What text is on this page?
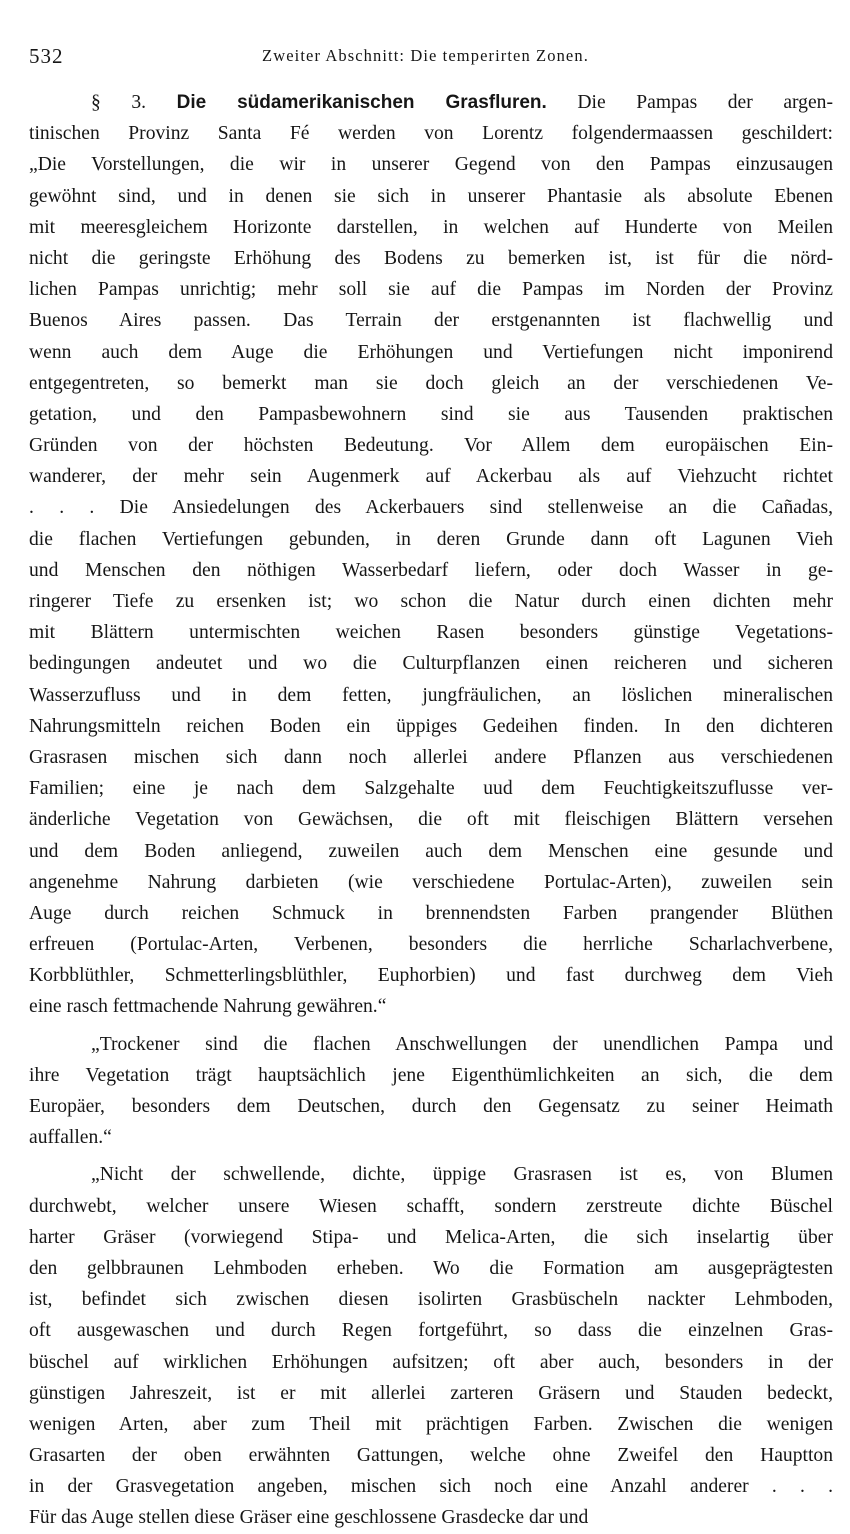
532	Zweiter Abschnitt: Die temperirten Zonen.
§ 3. Die südamerikanischen Grasfluren. Die Pampas der argen-
tinischen Provinz Santa Fé werden von Lorentz folgendermaassen geschildert:
„Die Vorstellungen, die wir in unserer Gegend von den Pampas einzusaugen
gewöhnt sind, und in denen sie sich in unserer Phantasie als absolute Ebenen
mit meeresgleichem Horizonte darstellen, in welchen auf Hunderte von Meilen
nicht die geringste Erhöhung des Bodens zu bemerken ist, ist für die nörd-
lichen Pampas unrichtig; mehr soll sie auf die Pampas im Norden der Provinz
Buenos Aires passen. Das Terrain der erstgenannten ist flachwellig und
wenn auch dem Auge die Erhöhungen und Vertiefungen nicht imponirend
entgegentreten, so bemerkt man sie doch gleich an der verschiedenen Ve-
getation, und den Pampasbewohnern sind sie aus Tausenden praktischen
Gründen von der höchsten Bedeutung. Vor Allem dem europäischen Ein-
wanderer, der mehr sein Augenmerk auf Ackerbau als auf Viehzucht richtet
. . . Die Ansiedelungen des Ackerbauers sind stellenweise an die Cañadas,
die flachen Vertiefungen gebunden, in deren Grunde dann oft Lagunen Vieh
und Menschen den nöthigen Wasserbedarf liefern, oder doch Wasser in ge-
ringerer Tiefe zu ersenken ist; wo schon die Natur durch einen dichten mehr
mit Blättern untermischten weichen Rasen besonders günstige Vegetations-
bedingungen andeutet und wo die Culturpflanzen einen reicheren und sicheren
Wasserzufluss und in dem fetten, jungfräulichen, an löslichen mineralischen
Nahrungsmitteln reichen Boden ein üppiges Gedeihen finden. In den dichteren
Grasrasen mischen sich dann noch allerlei andere Pflanzen aus verschiedenen
Familien; eine je nach dem Salzgehalte uud dem Feuchtigkeitszuflusse ver-
änderliche Vegetation von Gewächsen, die oft mit fleischigen Blättern versehen
und dem Boden anliegend, zuweilen auch dem Menschen eine gesunde und
angenehme Nahrung darbieten (wie verschiedene Portulac-Arten), zuweilen sein
Auge durch reichen Schmuck in brennendsten Farben prangender Blüthen
erfreuen (Portulac-Arten, Verbenen, besonders die herrliche Scharlachverbene,
Korbblüthler, Schmetterlingsblüthler, Euphorbien) und fast durchweg dem Vieh
eine rasch fettmachende Nahrung gewähren.“
„Trockener sind die flachen Anschwellungen der unendlichen Pampa und
ihre Vegetation trägt hauptsächlich jene Eigenthümlichkeiten an sich, die dem
Europäer, besonders dem Deutschen, durch den Gegensatz zu seiner Heimath
auffallen.“
„Nicht der schwellende, dichte, üppige Grasrasen ist es, von Blumen
durchwebt, welcher unsere Wiesen schafft, sondern zerstreute dichte Büschel
harter Gräser (vorwiegend Stipa- und Melica-Arten, die sich inselartig über
den gelbbraunen Lehmboden erheben. Wo die Formation am ausgeprägtesten
ist, befindet sich zwischen diesen isolirten Grasbüscheln nackter Lehmboden,
oft ausgewaschen und durch Regen fortgeführt, so dass die einzelnen Gras-
büschel auf wirklichen Erhöhungen aufsitzen; oft aber auch, besonders in der
günstigen Jahreszeit, ist er mit allerlei zarteren Gräsern und Stauden bedeckt,
wenigen Arten, aber zum Theil mit prächtigen Farben. Zwischen die wenigen
Grasarten der oben erwähnten Gattungen, welche ohne Zweifel den Hauptton
in der Grasvegetation angeben, mischen sich noch eine Anzahl anderer . . .
Für das Auge stellen diese Gräser eine geschlossene Grasdecke dar und
